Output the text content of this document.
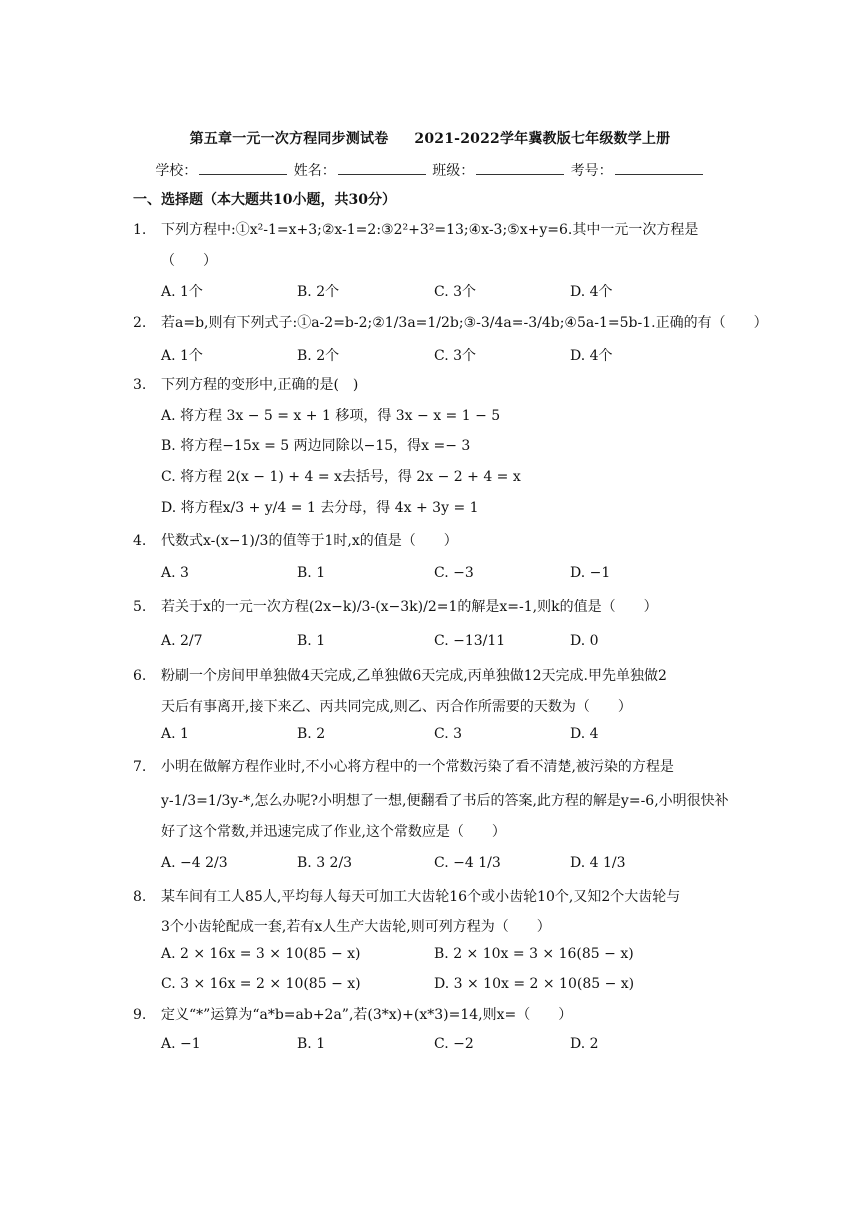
第五章一元一次方程同步测试卷 2021-2022学年冀教版七年级数学上册
学校：	姓名：	班级：	考号：
一、选择题（本大题共10小题，共30分）
1.	下列方程中:①x²-1=x+3;②x-1=2:③2²+3²=13;④x-3;⑤x+y=6.其中一元一次方程是
（　　）
A. 1个	B. 2个	C. 3个	D. 4个
2.	若a=b,则有下列式子:①a-2=b-2;②1/3a=1/2b;③-3/4a=-3/4b;④5a-1=5b-1.正确的有（　　）
A. 1个	B. 2个	C. 3个	D. 4个
3.	下列方程的变形中,正确的是(　)
A. 将方程 3x − 5 = x + 1 移项，得 3x − x = 1 − 5
B. 将方程−15x = 5 两边同除以−15，得x =− 3
C. 将方程 2(x − 1) + 4 = x去括号，得 2x − 2 + 4 = x
D. 将方程x/3 + y/4 = 1 去分母，得 4x + 3y = 1
4.	代数式x-(x−1)/3的值等于1时,x的值是（　　）
A. 3	B. 1	C. −3	D. −1
5.	若关于x的一元一次方程(2x−k)/3-(x−3k)/2=1的解是x=-1,则k的值是（　　）
A. 2/7	B. 1	C. −13/11	D. 0
6.	粉刷一个房间甲单独做4天完成,乙单独做6天完成,丙单独做12天完成.甲先单独做2
天后有事离开,接下来乙、丙共同完成,则乙、丙合作所需要的天数为（　　）
A. 1	B. 2	C. 3	D. 4
7.	小明在做解方程作业时,不小心将方程中的一个常数污染了看不清楚,被污染的方程是
y-1/3=1/3y-*,怎么办呢?小明想了一想,便翻看了书后的答案,此方程的解是y=-6,小明很快补
好了这个常数,并迅速完成了作业,这个常数应是（　　）
A. −4 2/3	B. 3 2/3	C. −4 1/3	D. 4 1/3
8.	某车间有工人85人,平均每人每天可加工大齿轮16个或小齿轮10个,又知2个大齿轮与
3个小齿轮配成一套,若有x人生产大齿轮,则可列方程为（　　）
A. 2 × 16x = 3 × 10(85 − x)	B. 2 × 10x = 3 × 16(85 − x)
C. 3 × 16x = 2 × 10(85 − x)	D. 3 × 10x = 2 × 10(85 − x)
9.	定义“*”运算为“a*b=ab+2a”,若(3*x)+(x*3)=14,则x=（　　）
A. −1	B. 1	C. −2	D. 2
